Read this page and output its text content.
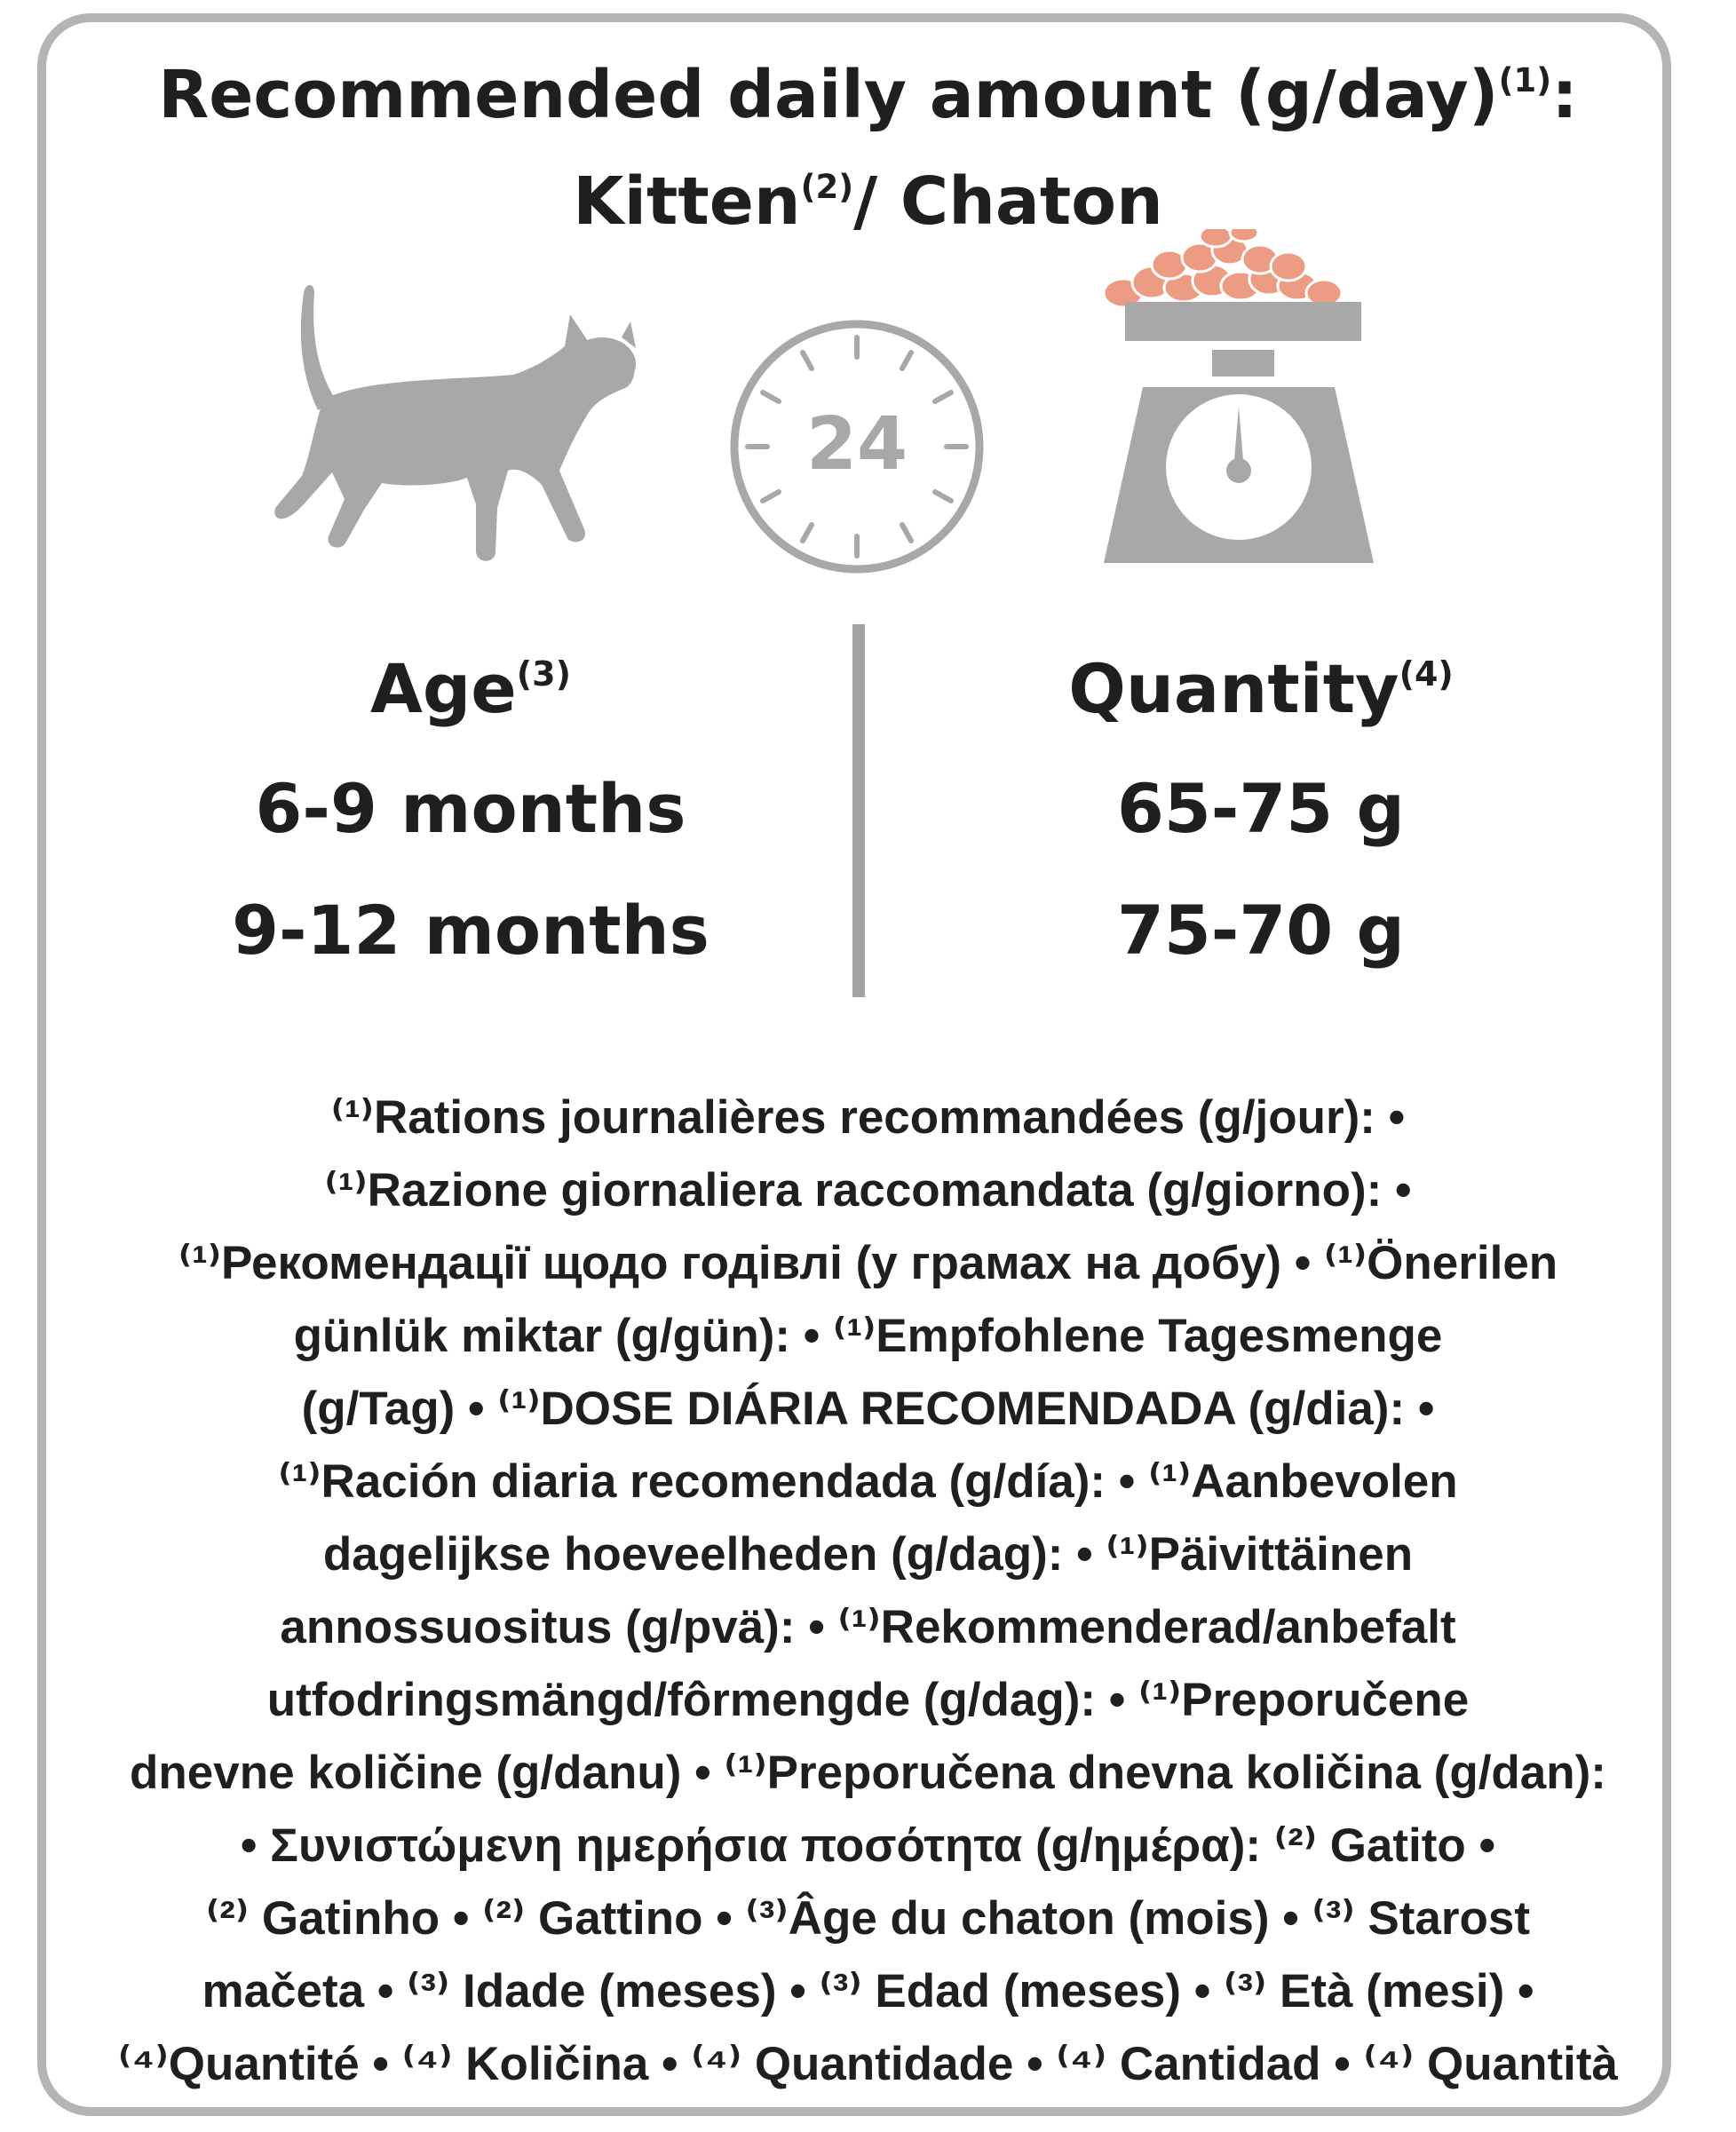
Recommended daily amount $(g/day)^{(1)}$:
Kitten$^{(2)}$/ Chaton
24
Age$^{(3)}$	Quantity$^{(4)}$
6-9 months	65-75 g
9-12 months	75-70 g
⁽¹⁾Rations journalières recommandées (g/jour): •
⁽¹⁾Razione giornaliera raccomandata (g/giorno): •
⁽¹⁾Рекомендації щодо годівлі (у грамах на добу) • ⁽¹⁾Önerilen
günlük miktar (g/gün): • ⁽¹⁾Empfohlene Tagesmenge
(g/Tag) • ⁽¹⁾DOSE DIÁRIA RECOMENDADA (g/dia): •
⁽¹⁾Ración diaria recomendada (g/día): • ⁽¹⁾Aanbevolen
dagelijkse hoeveelheden (g/dag): • ⁽¹⁾Päivittäinen
annossuositus (g/pvä): • ⁽¹⁾Rekommenderad/anbefalt
utfodringsmängd/fôrmengde (g/dag): • ⁽¹⁾Preporučene
dnevne količine (g/danu) • ⁽¹⁾Preporučena dnevna količina (g/dan):
• Συνιστώμενη ημερήσια ποσότητα (g/ημέρα): ⁽²⁾ Gatito •
⁽²⁾ Gatinho • ⁽²⁾ Gattino • ⁽³⁾Âge du chaton (mois) • ⁽³⁾ Starost
mačeta • ⁽³⁾ Idade (meses) • ⁽³⁾ Edad (meses) • ⁽³⁾ Età (mesi) •
⁽⁴⁾Quantité • ⁽⁴⁾ Količina • ⁽⁴⁾ Quantidade • ⁽⁴⁾ Cantidad • ⁽⁴⁾ Quantità
